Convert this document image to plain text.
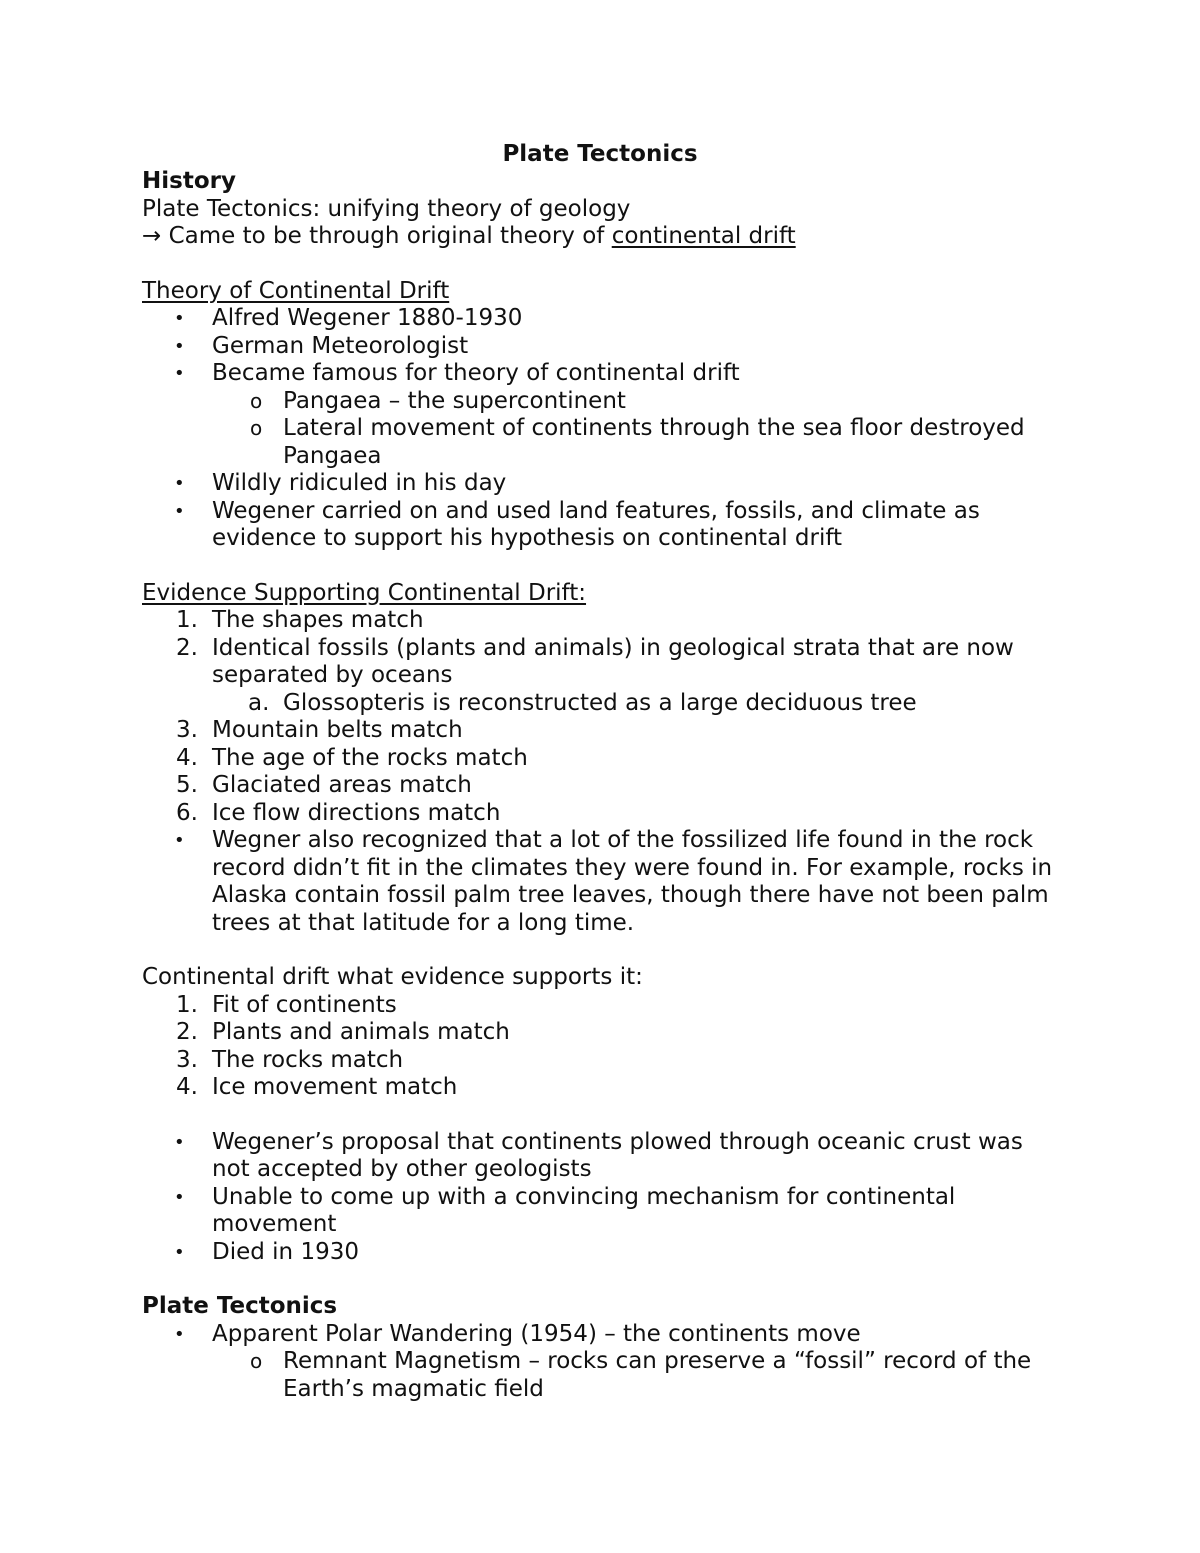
Plate Tectonics
History
Plate Tectonics: unifying theory of geology
→ Came to be through original theory of continental drift
Theory of Continental Drift
•	Alfred Wegener 1880-1930
•	German Meteorologist
•	Became famous for theory of continental drift
o Pangaea – the supercontinent
o Lateral movement of continents through the sea floor destroyed Pangaea
•	Wildly ridiculed in his day
•	Wegener carried on and used land features, fossils, and climate as evidence to support his hypothesis on continental drift
Evidence Supporting Continental Drift:
1. The shapes match
2. Identical fossils (plants and animals) in geological strata that are now separated by oceans
a. Glossopteris is reconstructed as a large deciduous tree
3. Mountain belts match
4. The age of the rocks match
5. Glaciated areas match
6. Ice flow directions match
•	Wegner also recognized that a lot of the fossilized life found in the rock record didn’t fit in the climates they were found in. For example, rocks in Alaska contain fossil palm tree leaves, though there have not been palm trees at that latitude for a long time.
Continental drift what evidence supports it:
1. Fit of continents
2. Plants and animals match
3. The rocks match
4. Ice movement match
•	Wegener’s proposal that continents plowed through oceanic crust was not accepted by other geologists
•	Unable to come up with a convincing mechanism for continental movement
•	Died in 1930
Plate Tectonics
•	Apparent Polar Wandering (1954) – the continents move
o Remnant Magnetism – rocks can preserve a “fossil” record of the Earth’s magmatic field
